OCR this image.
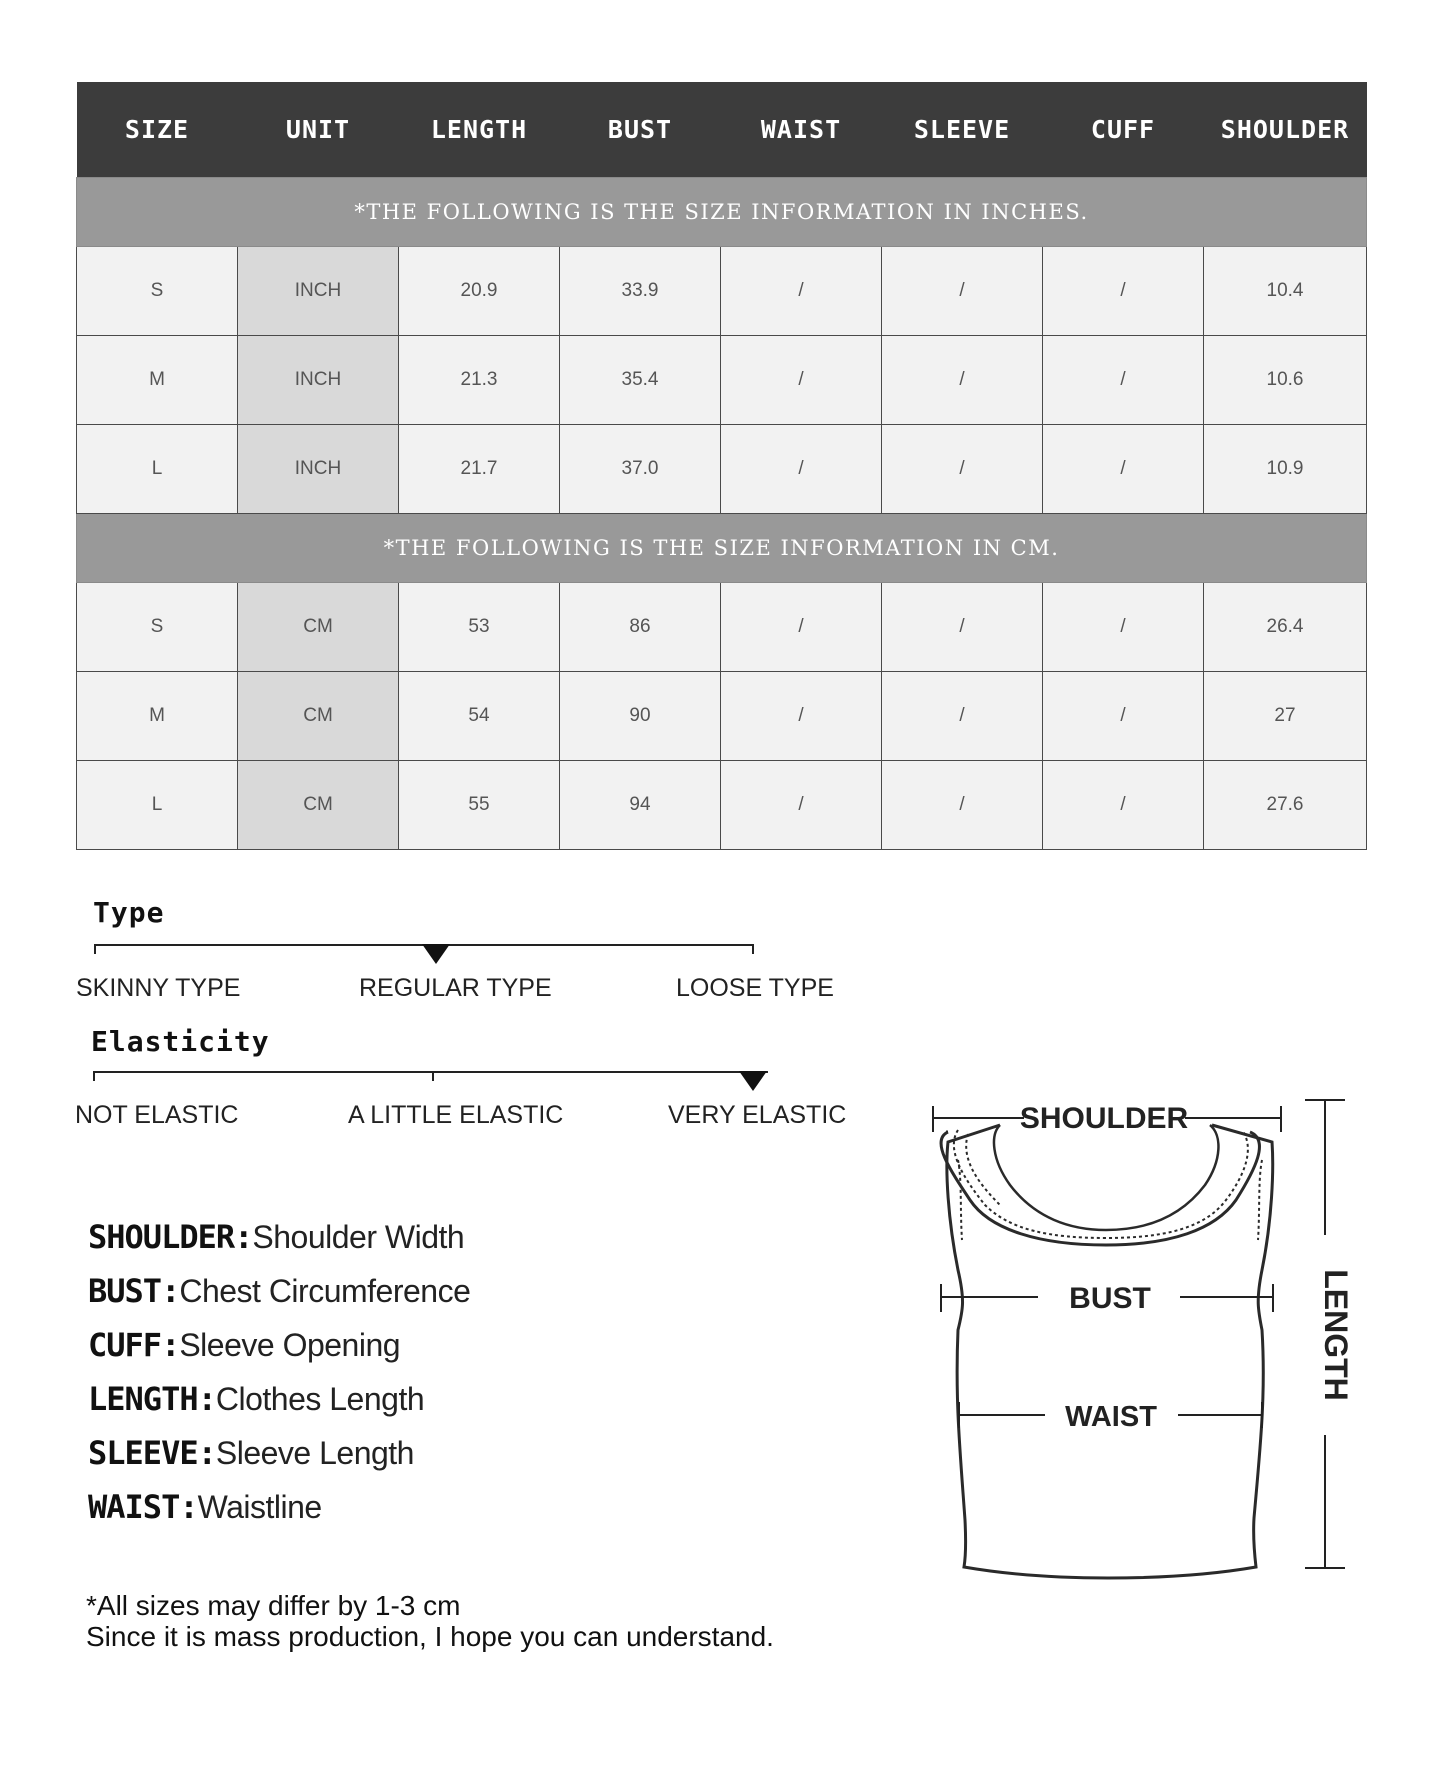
SIZE	UNIT	LENGTH	BUST	WAIST	SLEEVE	CUFF	SHOULDER
*THE FOLLOWING IS THE SIZE INFORMATION IN INCHES.							
S	INCH	20.9	33.9	/	/	/	10.4
M	INCH	21.3	35.4	/	/	/	10.6
L	INCH	21.7	37.0	/	/	/	10.9
*THE FOLLOWING IS THE SIZE INFORMATION IN CM.							
S	CM	53	86	/	/	/	26.4
M	CM	54	90	/	/	/	27
L	CM	55	94	/	/	/	27.6
Type
SKINNY TYPE	REGULAR TYPE	LOOSE TYPE
Elasticity
NOT ELASTIC	A LITTLE ELASTIC	VERY ELASTIC
SHOULDER:Shoulder Width
BUST:Chest Circumference
CUFF:Sleeve Opening
LENGTH:Clothes Length
SLEEVE:Sleeve Length
WAIST:Waistline
*All sizes may differ by 1-3 cm
Since it is mass production, I hope you can understand.
SHOULDER
BUST
WAIST
LENGTH
